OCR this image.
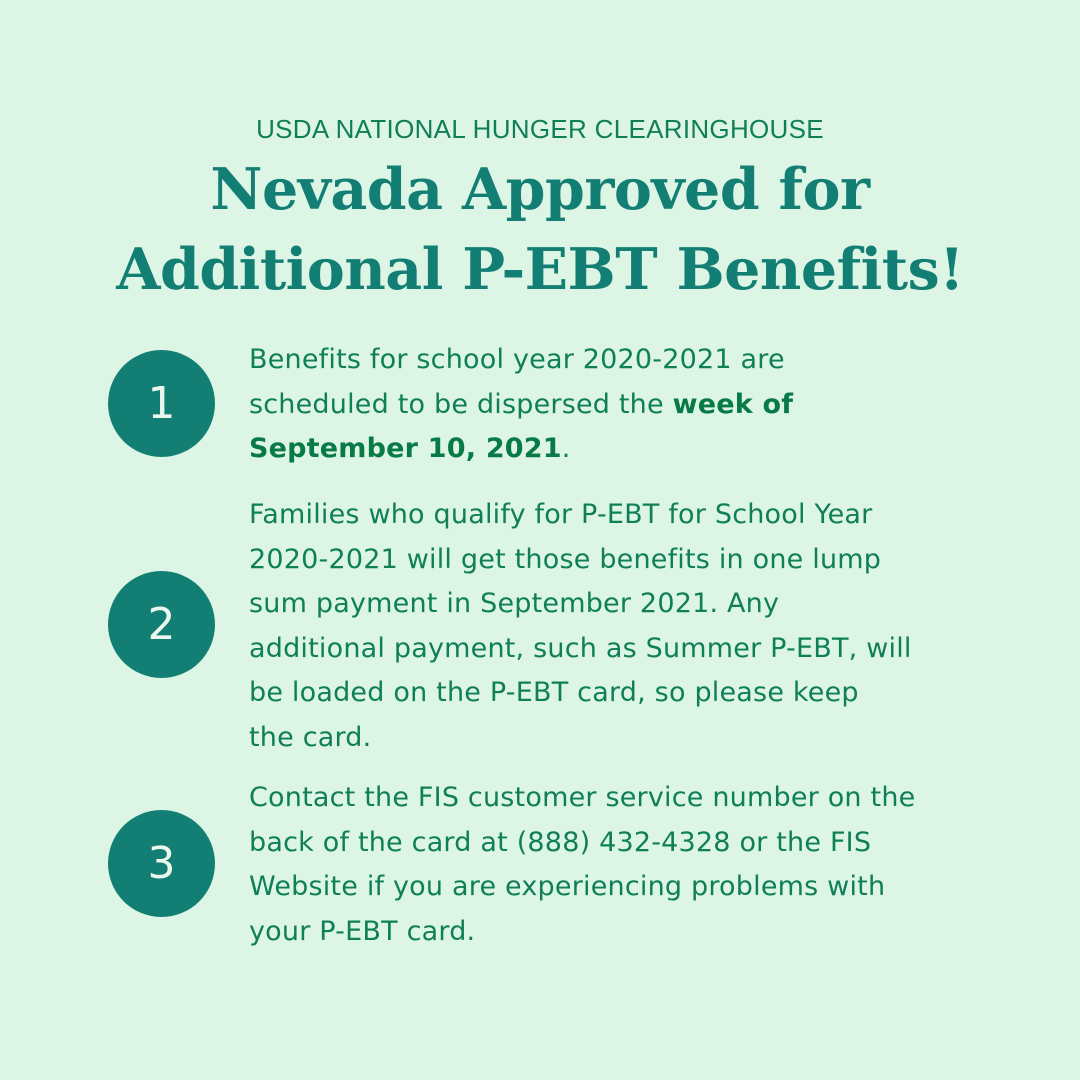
USDA NATIONAL HUNGER CLEARINGHOUSE
Nevada Approved for
Additional P-EBT Benefits!
1
Benefits for school year 2020-2021 are
scheduled to be dispersed the week of
September 10, 2021.
2
Families who qualify for P-EBT for School Year
2020-2021 will get those benefits in one lump
sum payment in September 2021. Any
additional payment, such as Summer P-EBT, will
be loaded on the P-EBT card, so please keep
the card.
3
Contact the FIS customer service number on the
back of the card at (888) 432-4328 or the FIS
Website if you are experiencing problems with
your P-EBT card.
